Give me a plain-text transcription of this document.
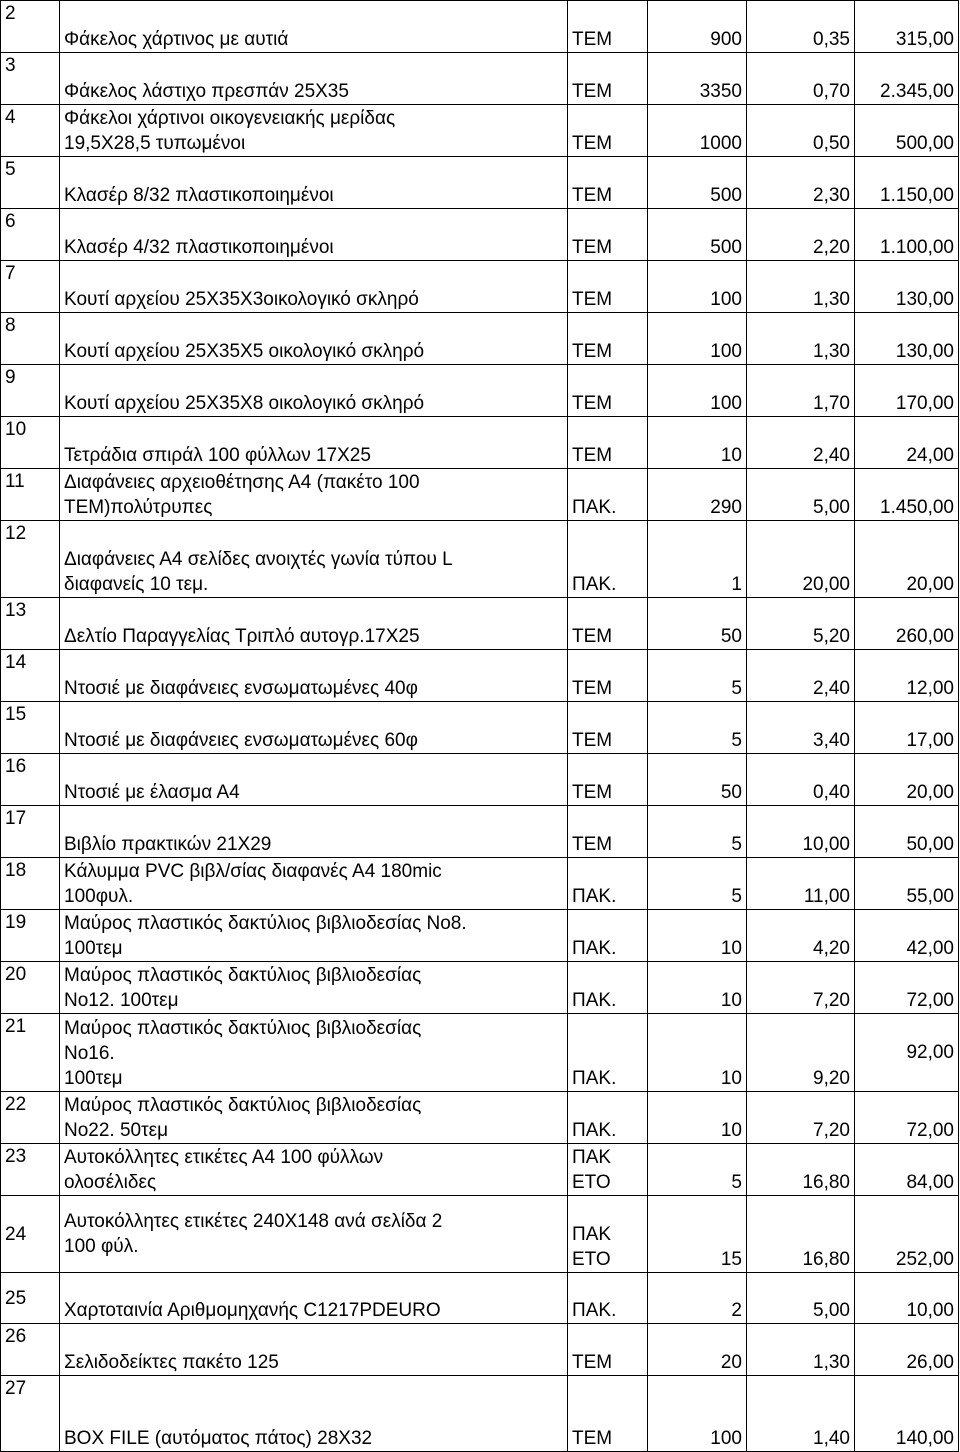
2	Φάκελος χάρτινος με αυτιά	ΤΕΜ	900	0,35	315,00

3	Φάκελος λάστιχο πρεσπάν 25Χ35	ΤΕΜ	3350	0,70	2.345,00

4	Φάκελοι χάρτινοι οικογενειακής μερίδας
19,5Χ28,5 τυπωμένοι	ΤΕΜ	1000	0,50	500,00

5	Κλασέρ 8/32 πλαστικοποιημένοι	ΤΕΜ	500	2,30	1.150,00

6	Κλασέρ 4/32 πλαστικοποιημένοι	ΤΕΜ	500	2,20	1.100,00

7	Κουτί αρχείου 25Χ35Χ3οικολογικό σκληρό	ΤΕΜ	100	1,30	130,00

8	Κουτί αρχείου 25Χ35Χ5 οικολογικό σκληρό	ΤΕΜ	100	1,30	130,00

9	Κουτί αρχείου 25Χ35Χ8 οικολογικό σκληρό	ΤΕΜ	100	1,70	170,00

10	Τετράδια σπιράλ 100 φύλλων 17Χ25	ΤΕΜ	10	2,40	24,00

11	Διαφάνειες αρχειοθέτησης Α4 (πακέτο 100
ΤΕΜ)πολύτρυπες	ΠΑΚ.	290	5,00	1.450,00

12	Διαφάνειες Α4 σελίδες ανοιχτές γωνία τύπου L
διαφανείς 10 τεμ.	ΠΑΚ.	1	20,00	20,00

13	Δελτίο Παραγγελίας Τριπλό αυτογρ.17Χ25	ΤΕΜ	50	5,20	260,00

14	Ντοσιέ με διαφάνειες ενσωματωμένες 40φ	ΤΕΜ	5	2,40	12,00

15	Ντοσιέ με διαφάνειες ενσωματωμένες 60φ	ΤΕΜ	5	3,40	17,00

16	Ντοσιέ με έλασμα Α4	ΤΕΜ	50	0,40	20,00

17	Βιβλίο πρακτικών 21Χ29	ΤΕΜ	5	10,00	50,00

18	Κάλυμμα PVC βιβλ/σίας διαφανές Α4 180mic
100φυλ.	ΠΑΚ.	5	11,00	55,00

19	Μαύρος πλαστικός δακτύλιος βιβλιοδεσίας Νο8.
100τεμ	ΠΑΚ.	10	4,20	42,00

20	Μαύρος πλαστικός δακτύλιος βιβλιοδεσίας
Νο12. 100τεμ	ΠΑΚ.	10	7,20	72,00

21	Μαύρος πλαστικός δακτύλιος βιβλιοδεσίας
Νο16.
100τεμ	ΠΑΚ.	10	9,20	92,00

22	Μαύρος πλαστικός δακτύλιος βιβλιοδεσίας
Νο22. 50τεμ	ΠΑΚ.	10	7,20	72,00

23	Αυτοκόλλητες ετικέτες Α4 100 φύλλων
ολοσέλιδες	ΠΑΚ
ΕΤΟ	5	16,80	84,00

24	Αυτοκόλλητες ετικέτες 240Χ148 ανά σελίδα 2
100 φύλ.	ΠΑΚ
ΕΤΟ	15	16,80	252,00

25	Χαρτοταινία Αριθμομηχανής C1217PDEURO	ΠΑΚ.	2	5,00	10,00

26	Σελιδοδείκτες πακέτο 125	ΤΕΜ	20	1,30	26,00

27	BOX FILE (αυτόματος πάτος) 28Χ32	ΤΕΜ	100	1,40	140,00
